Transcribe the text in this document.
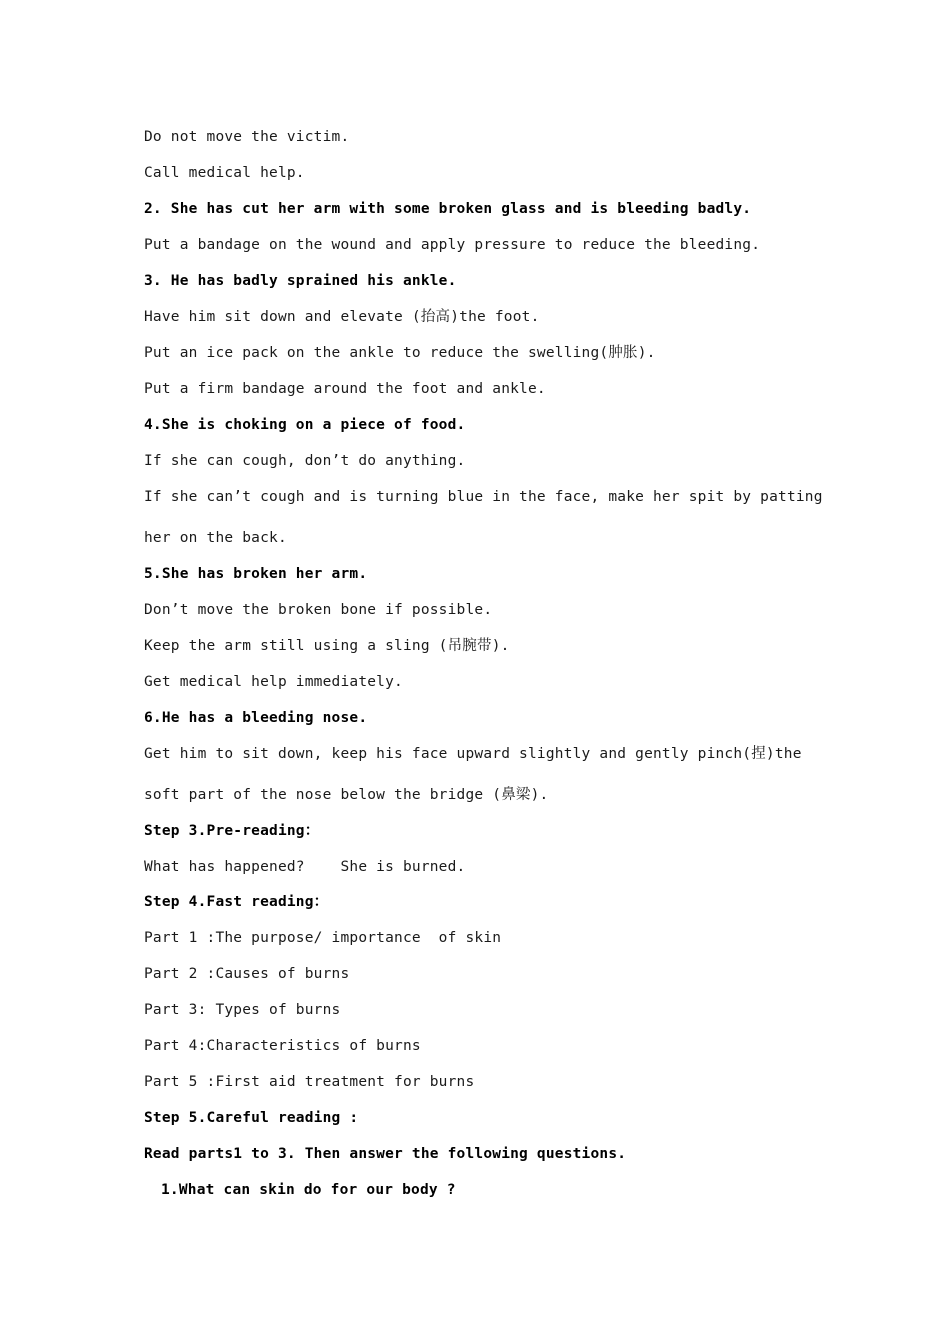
Do not move the victim.
Call medical help.
2. She has cut her arm with some broken glass and is bleeding badly.
Put a bandage on the wound and apply pressure to reduce the bleeding.
3. He has badly sprained his ankle.
Have him sit down and elevate (抬高)the foot.
Put an ice pack on the ankle to reduce the swelling(肿胀).
Put a firm bandage around the foot and ankle.
4.She is choking on a piece of food.
If she can cough, don’t do anything.
If she can’t cough and is turning blue in the face, make her spit by patting
her on the back.
5.She has broken her arm.
Don’t move the broken bone if possible.
Keep the arm still using a sling (吊腕带).
Get medical help immediately.
6.He has a bleeding nose.
Get him to sit down, keep his face upward slightly and gently pinch(捏)the
soft part of the nose below the bridge (鼻梁).
Step 3.Pre-reading：
What has happened?    She is burned.
Step 4.Fast reading：
Part 1 :The purpose/ importance  of skin
Part 2 :Causes of burns
Part 3: Types of burns
Part 4:Characteristics of burns
Part 5 :First aid treatment for burns
Step 5.Careful reading :
Read parts1 to 3. Then answer the following questions.
1.What can skin do for our body ?
